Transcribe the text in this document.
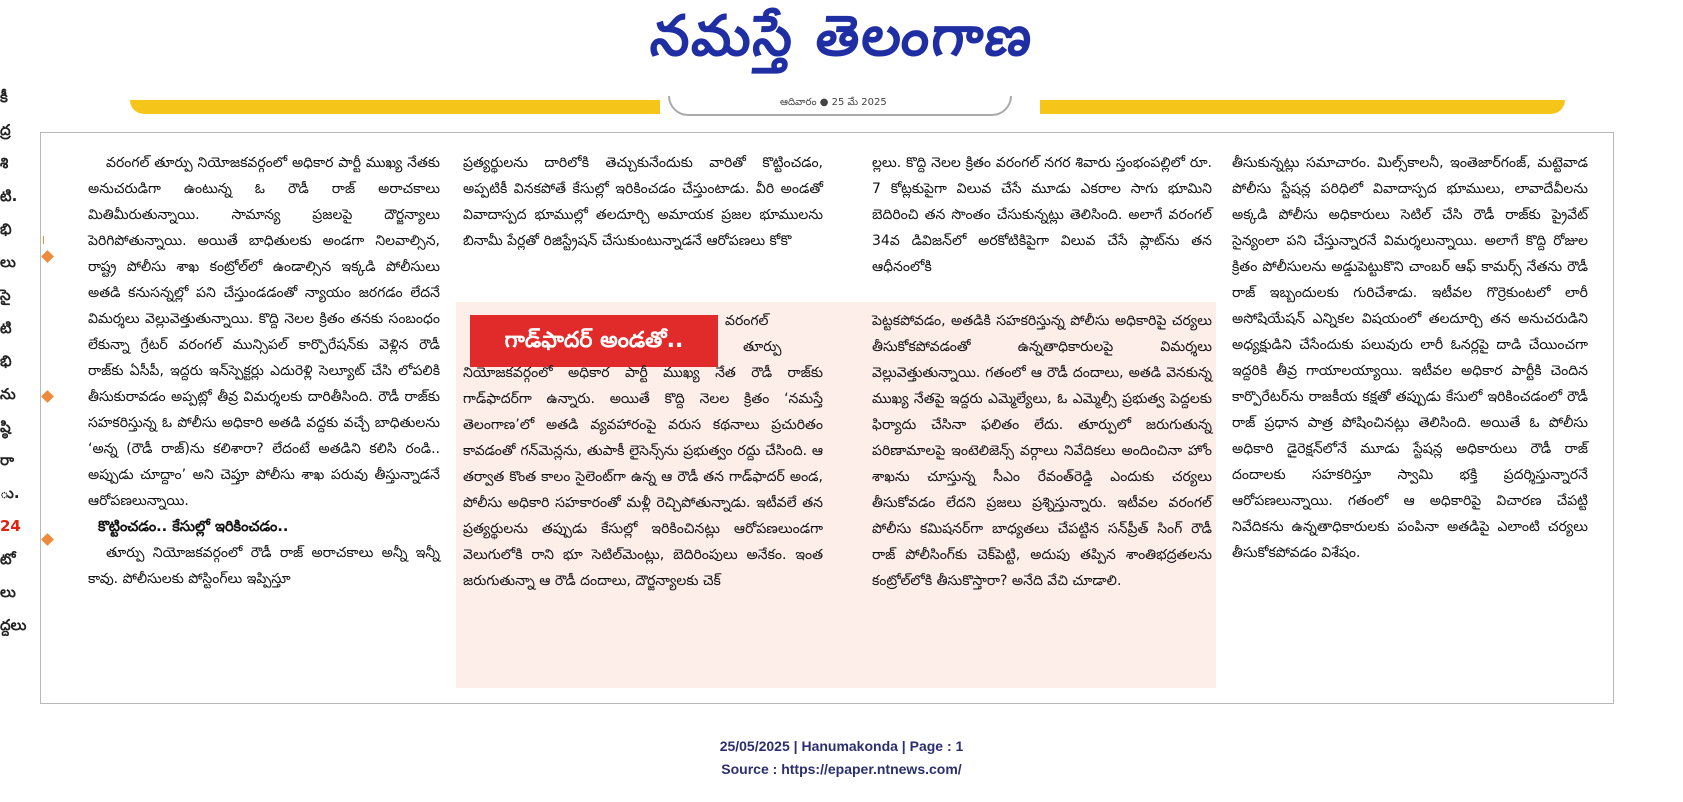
నమస్తే తెలంగాణ
ఆదివారం ● 25 మే 2025
కీ
ద్ర
శి
టి.
భి
లు
సై
టి
భి
ను
ష్ఠి
రా
ు.
24
టో
లు
ద్దలు

వరంగల్ తూర్పు నియోజకవర్గంలో అధికార పార్టీ ముఖ్య నేతకు అనుచరుడిగా ఉంటున్న ఓ రౌడీ రాజ్ అరాచకాలు మితిమీరుతున్నాయి. సామాన్య ప్రజలపై దౌర్జన్యాలు పెరిగిపోతున్నాయి. అయితే బాధితులకు అండగా నిలవాల్సిన, రాష్ట్ర పోలీసు శాఖ కంట్రోల్‌లో ఉండాల్సిన ఇక్కడి పోలీసులు అతడి కనుసన్నల్లో పని చేస్తుండడంతో న్యాయం జరగడం లేదనే విమర్శలు వెల్లువెత్తుతున్నాయి. కొద్ది నెలల క్రితం తనకు సంబంధం లేకున్నా గ్రేటర్ వరంగల్ మున్సిపల్ కార్పొరేషన్‌కు వెళ్లిన రౌడీ రాజ్‌కు ఏసీపీ, ఇద్దరు ఇన్‌స్పెక్టర్లు ఎదురెళ్లి సెల్యూట్ చేసి లోపలికి తీసుకురావడం అప్పట్లో తీవ్ర విమర్శలకు దారితీసింది. రౌడీ రాజ్‌కు సహకరిస్తున్న ఓ పోలీసు అధికారి అతడి వద్దకు వచ్చే బాధితులను ‘అన్న (రౌడీ రాజ్)ను కలిశారా? లేదంటే అతడిని కలిసి రండి.. అప్పుడు చూద్దాం’ అని చెప్తూ పోలీసు శాఖ పరువు తీస్తున్నాడనే ఆరోపణలున్నాయి.

కొట్టించడం.. కేసుల్లో ఇరికించడం..

తూర్పు నియోజకవర్గంలో రౌడీ రాజ్ అరాచకాలు అన్నీ ఇన్నీ కావు. పోలీసులకు పోస్టింగ్‌లు ఇప్పిస్తూ

ప్రత్యర్థులను దారిలోకి తెచ్చుకునేందుకు వారితో కొట్టించడం, అప్పటికీ వినకపోతే కేసుల్లో ఇరికించడం చేస్తుంటాడు. వీరి అండతో వివాదాస్పద భూముల్లో తలదూర్చి అమాయక ప్రజల భూములను బినామీ పేర్లతో రిజిస్ట్రేషన్ చేసుకుంటున్నాడనే ఆరోపణలు కోకొ

ల్లలు. కొద్ది నెలల క్రితం వరంగల్ నగర శివారు స్తంభంపల్లిలో రూ. 7 కోట్లకుపైగా విలువ చేసే మూడు ఎకరాల సాగు భూమిని బెదిరించి తన సొంతం చేసుకున్నట్లు తెలిసింది. అలాగే వరంగల్ 34వ డివిజన్‌లో అరకోటికిపైగా విలువ చేసే ప్లాట్‌ను తన ఆధీనంలోకి

తీసుకున్నట్లు సమాచారం. మిల్స్‌కాలనీ, ఇంతెజార్‌గంజ్, మట్టెవాడ పోలీసు స్టేషన్ల పరిధిలో వివాదాస్పద భూములు, లావాదేవీలను అక్కడి పోలీసు అధికారులు సెటిల్ చేసి రౌడీ రాజ్‌కు ప్రైవేట్ సైన్యంలా పని చేస్తున్నారనే విమర్శలున్నాయి. అలాగే కొద్ది రోజుల క్రితం పోలీసులను అడ్డుపెట్టుకొని చాంబర్ ఆఫ్ కామర్స్ నేతను రౌడీ రాజ్ ఇబ్బందులకు గురిచేశాడు. ఇటీవల గొర్రెకుంటలో లారీ అసోషియేషన్ ఎన్నికల విషయంలో తలదూర్చి తన అనుచరుడిని అధ్యక్షుడిని చేసేందుకు పలువురు లారీ ఓనర్లపై దాడి చేయించగా ఇద్దరికి తీవ్ర గాయాలయ్యాయి. ఇటీవల అధికార పార్టీకి చెందిన కార్పొరేటర్‌ను రాజకీయ కక్షతో తప్పుడు కేసులో ఇరికించడంలో రౌడీ రాజ్ ప్రధాన పాత్ర పోషించినట్లు తెలిసింది. అయితే ఓ పోలీసు అధికారి డైరెక్షన్‌లోనే మూడు స్టేషన్ల అధికారులు రౌడీ రాజ్ దందాలకు సహకరిస్తూ స్వామి భక్తి ప్రదర్శిస్తున్నారనే ఆరోపణలున్నాయి. గతంలో ఆ అధికారిపై విచారణ చేపట్టి నివేదికను ఉన్నతాధికారులకు పంపినా అతడిపై ఎలాంటి చర్యలు తీసుకోకపోవడం విశేషం.

గాడ్‌ఫాదర్ అండతో..
వరంగల్
తూర్పు
నియోజకవర్గంలో అధికార పార్టీ ముఖ్య నేత రౌడీ రాజ్‌కు గాడ్‌ఫాదర్‌గా ఉన్నారు. అయితే కొద్ది నెలల క్రితం ‘నమస్తే తెలంగాణ’లో అతడి వ్యవహారంపై వరుస కథనాలు ప్రచురితం కావడంతో గన్‌మెన్లను, తుపాకీ లైసెన్స్‌ను ప్రభుత్వం రద్దు చేసింది. ఆ తర్వాత కొంత కాలం సైలెంట్‌గా ఉన్న ఆ రౌడీ తన గాడ్‌ఫాదర్ అండ, పోలీసు అధికారి సహకారంతో మళ్లీ రెచ్చిపోతున్నాడు. ఇటీవలే తన ప్రత్యర్థులను తప్పుడు కేసుల్లో ఇరికించినట్లు ఆరోపణలుండగా వెలుగులోకి రాని భూ సెటిల్‌మెంట్లు, బెదిరింపులు అనేకం. ఇంత జరుగుతున్నా ఆ రౌడీ దందాలు, దౌర్జన్యాలకు చెక్
పెట్టకపోవడం, అతడికి సహకరిస్తున్న పోలీసు అధికారిపై చర్యలు తీసుకోకపోవడంతో ఉన్నతాధికారులపై విమర్శలు వెల్లువెత్తుతున్నాయి. గతంలో ఆ రౌడీ దందాలు, అతడి వెనకున్న ముఖ్య నేతపై ఇద్దరు ఎమ్మెల్యేలు, ఓ ఎమ్మెల్సీ ప్రభుత్వ పెద్దలకు ఫిర్యాదు చేసినా ఫలితం లేదు. తూర్పులో జరుగుతున్న పరిణామాలపై ఇంటెలిజెన్స్ వర్గాలు నివేదికలు అందించినా హోం శాఖను చూస్తున్న సీఎం రేవంత్‌రెడ్డి ఎందుకు చర్యలు తీసుకోవడం లేదని ప్రజలు ప్రశ్నిస్తున్నారు. ఇటీవల వరంగల్ పోలీసు కమిషనర్‌గా బాధ్యతలు చేపట్టిన సన్‌ప్రీత్ సింగ్ రౌడీ రాజ్ పోలీసింగ్‌కు చెక్‌పెట్టి, అదుపు తప్పిన శాంతిభద్రతలను కంట్రోల్‌లోకి తీసుకొస్తారా? అనేది వేచి చూడాలి.
25/05/2025 | Hanumakonda | Page : 1
Source : https://epaper.ntnews.com/
